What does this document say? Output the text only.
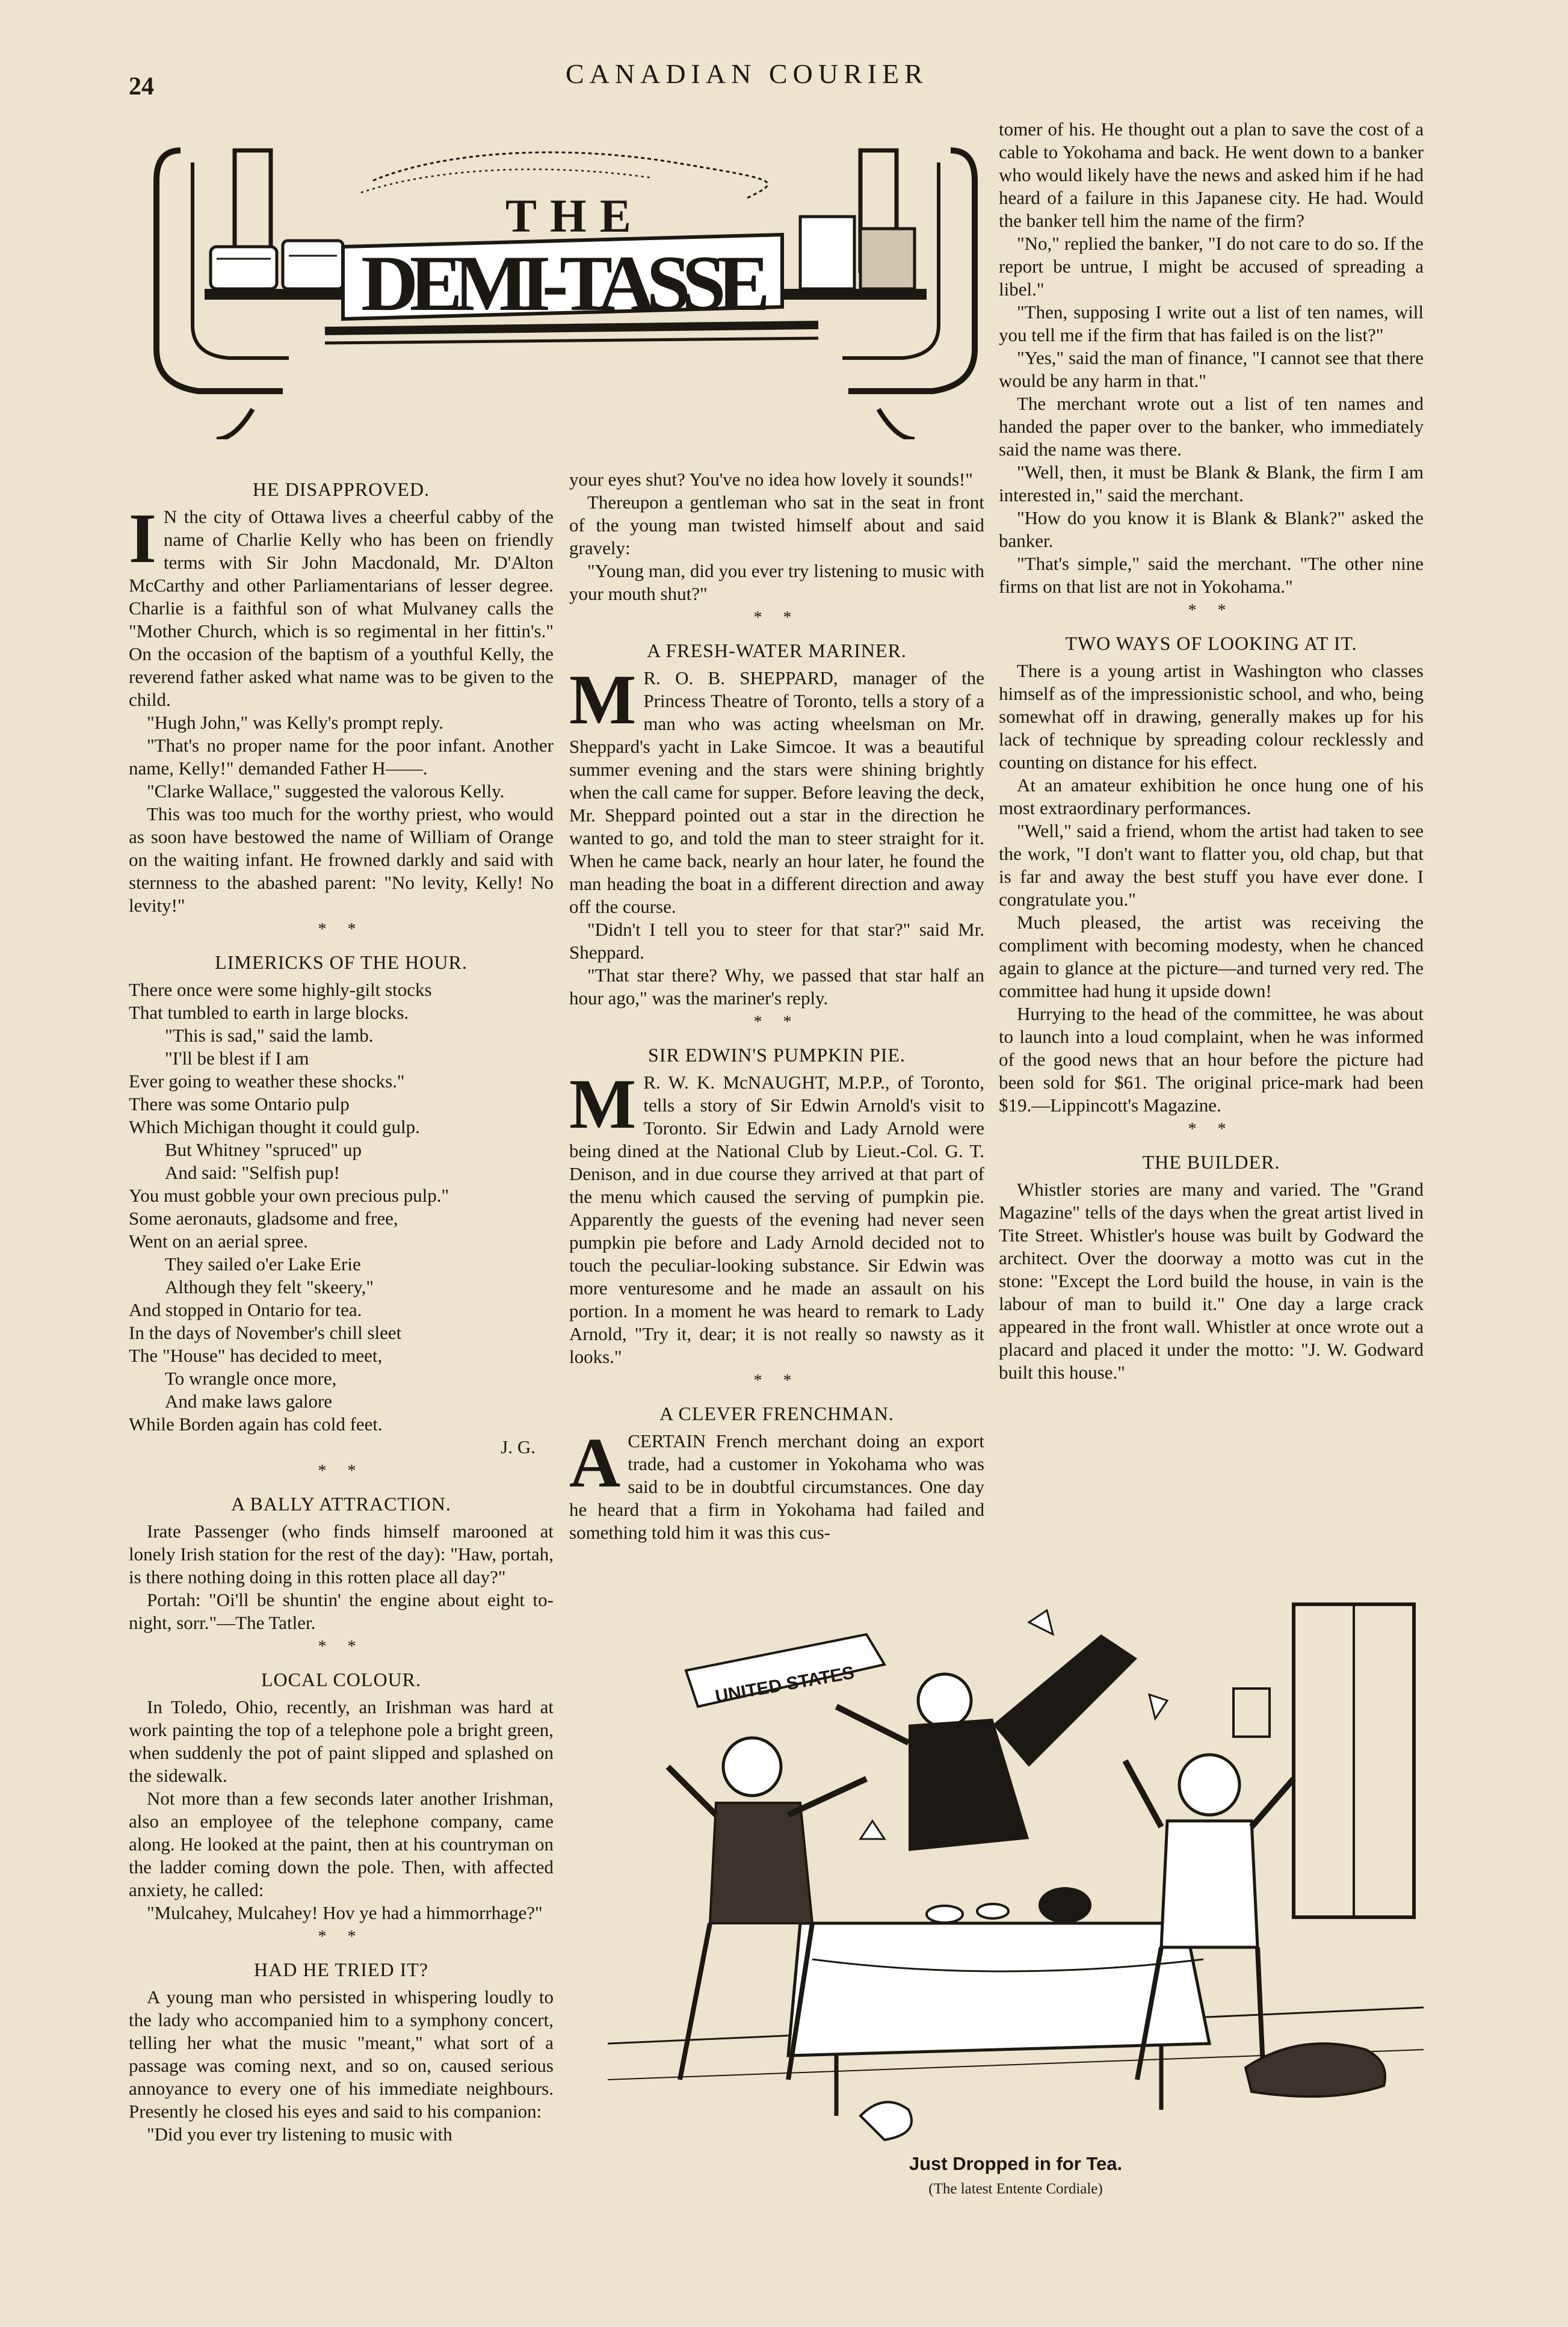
24	CANADIAN COURIER
THE
DEMI-TASSE
HE DISAPPROVED.

I N the city of Ottawa lives a cheerful cabby of the name of Charlie Kelly who has been on friendly terms with Sir John Macdonald, Mr. D'Alton McCarthy and other Parliamentarians of lesser degree. Charlie is a faithful son of what Mulvaney calls the "Mother Church, which is so regimental in her fittin's." On the occasion of the baptism of a youthful Kelly, the reverend father asked what name was to be given to the child.

"Hugh John," was Kelly's prompt reply.

"That's no proper name for the poor infant. Another name, Kelly!" demanded Father H——.

"Clarke Wallace," suggested the valorous Kelly.

This was too much for the worthy priest, who would as soon have bestowed the name of William of Orange on the waiting infant. He frowned darkly and said with sternness to the abashed parent: "No levity, Kelly! No levity!"

* *
LIMERICKS OF THE HOUR.

There once were some highly-gilt stocks

That tumbled to earth in large blocks.

"This is sad," said the lamb.

"I'll be blest if I am

Ever going to weather these shocks."

There was some Ontario pulp

Which Michigan thought it could gulp.

But Whitney "spruced" up

And said: "Selfish pup!

You must gobble your own precious pulp."

Some aeronauts, gladsome and free,

Went on an aerial spree.

They sailed o'er Lake Erie

Although they felt "skeery,"

And stopped in Ontario for tea.

In the days of November's chill sleet

The "House" has decided to meet,

To wrangle once more,

And make laws galore

While Borden again has cold feet.

J. G.
* *
A BALLY ATTRACTION.

Irate Passenger (who finds himself marooned at lonely Irish station for the rest of the day): "Haw, portah, is there nothing doing in this rotten place all day?"

Portah: "Oi'll be shuntin' the engine about eight to-night, sorr."—The Tatler.

* *
LOCAL COLOUR.

In Toledo, Ohio, recently, an Irishman was hard at work painting the top of a telephone pole a bright green, when suddenly the pot of paint slipped and splashed on the sidewalk.

Not more than a few seconds later another Irishman, also an employee of the telephone company, came along. He looked at the paint, then at his countryman on the ladder coming down the pole. Then, with affected anxiety, he called:

"Mulcahey, Mulcahey! Hov ye had a himmorrhage?"

* *
HAD HE TRIED IT?

A young man who persisted in whispering loudly to the lady who accompanied him to a symphony concert, telling her what the music "meant," what sort of a passage was coming next, and so on, caused serious annoyance to every one of his immediate neighbours. Presently he closed his eyes and said to his companion:

"Did you ever try listening to music with

your eyes shut? You've no idea how lovely it sounds!"

Thereupon a gentleman who sat in the seat in front of the young man twisted himself about and said gravely:

"Young man, did you ever try listening to music with your mouth shut?"

* *
A FRESH-WATER MARINER.

M R. O. B. SHEPPARD, manager of the Princess Theatre of Toronto, tells a story of a man who was acting wheelsman on Mr. Sheppard's yacht in Lake Simcoe. It was a beautiful summer evening and the stars were shining brightly when the call came for supper. Before leaving the deck, Mr. Sheppard pointed out a star in the direction he wanted to go, and told the man to steer straight for it. When he came back, nearly an hour later, he found the man heading the boat in a different direction and away off the course.

"Didn't I tell you to steer for that star?" said Mr. Sheppard.

"That star there? Why, we passed that star half an hour ago," was the mariner's reply.

* *
SIR EDWIN'S PUMPKIN PIE.

M R. W. K. McNAUGHT, M.P.P., of Toronto, tells a story of Sir Edwin Arnold's visit to Toronto. Sir Edwin and Lady Arnold were being dined at the National Club by Lieut.-Col. G. T. Denison, and in due course they arrived at that part of the menu which caused the serving of pumpkin pie. Apparently the guests of the evening had never seen pumpkin pie before and Lady Arnold decided not to touch the peculiar-looking substance. Sir Edwin was more venturesome and he made an assault on his portion. In a moment he was heard to remark to Lady Arnold, "Try it, dear; it is not really so nawsty as it looks."

* *
A CLEVER FRENCHMAN.

ACERTAIN French merchant doing an export trade, had a customer in Yokohama who was said to be in doubtful circumstances. One day he heard that a firm in Yokohama had failed and something told him it was this cus-

tomer of his. He thought out a plan to save the cost of a cable to Yokohama and back. He went down to a banker who would likely have the news and asked him if he had heard of a failure in this Japanese city. He had. Would the banker tell him the name of the firm?

"No," replied the banker, "I do not care to do so. If the report be untrue, I might be accused of spreading a libel."

"Then, supposing I write out a list of ten names, will you tell me if the firm that has failed is on the list?"

"Yes," said the man of finance, "I cannot see that there would be any harm in that."

The merchant wrote out a list of ten names and handed the paper over to the banker, who immediately said the name was there.

"Well, then, it must be Blank & Blank, the firm I am interested in," said the merchant.

"How do you know it is Blank & Blank?" asked the banker.

"That's simple," said the merchant. "The other nine firms on that list are not in Yokohama."

* *
TWO WAYS OF LOOKING AT IT.

There is a young artist in Washington who classes himself as of the impressionistic school, and who, being somewhat off in drawing, generally makes up for his lack of technique by spreading colour recklessly and counting on distance for his effect.

At an amateur exhibition he once hung one of his most extraordinary performances.

"Well," said a friend, whom the artist had taken to see the work, "I don't want to flatter you, old chap, but that is far and away the best stuff you have ever done. I congratulate you."

Much pleased, the artist was receiving the compliment with becoming modesty, when he chanced again to glance at the picture—and turned very red. The committee had hung it upside down!

Hurrying to the head of the committee, he was about to launch into a loud complaint, when he was informed of the good news that an hour before the picture had been sold for $61. The original price-mark had been $19.—Lippincott's Magazine.

* *
THE BUILDER.

Whistler stories are many and varied. The "Grand Magazine" tells of the days when the great artist lived in Tite Street. Whistler's house was built by Godward the architect. Over the doorway a motto was cut in the stone: "Except the Lord build the house, in vain is the labour of man to build it." One day a large crack appeared in the front wall. Whistler at once wrote out a placard and placed it under the motto: "J. W. Godward built this house."

UNITED STATES
Just Dropped in for Tea.
(The latest Entente Cordiale)
